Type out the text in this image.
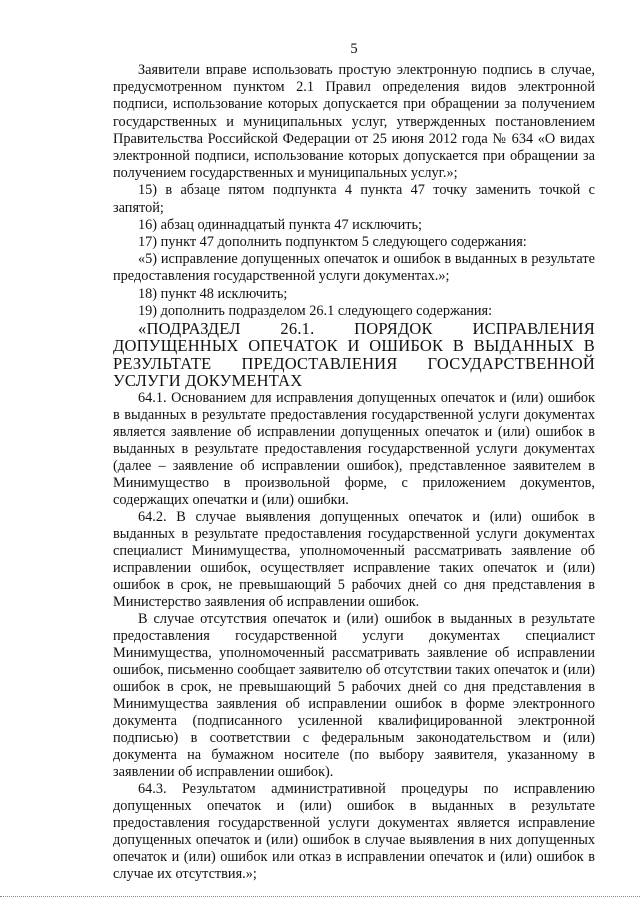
5

Заявители вправе использовать простую электронную подпись в случае, предусмотренном пунктом 2.1 Правил определения видов электронной подписи, использование которых допускается при обращении за получением государственных и муниципальных услуг, утвержденных постановлением Правительства Российской Федерации от 25 июня 2012 года № 634 «О видах электронной подписи, использование которых допускается при обращении за получением государственных и муниципальных услуг.»;

15) в абзаце пятом подпункта 4 пункта 47 точку заменить точкой с запятой;

16) абзац одиннадцатый пункта 47 исключить;

17) пункт 47 дополнить подпунктом 5 следующего содержания:

«5) исправление допущенных опечаток и ошибок в выданных в результате предоставления государственной услуги документах.»;

18) пункт 48 исключить;

19) дополнить подразделом 26.1 следующего содержания:

«ПОДРАЗДЕЛ 26.1. ПОРЯДОК ИСПРАВЛЕНИЯ ДОПУЩЕННЫХ ОПЕЧАТОК И ОШИБОК В ВЫДАННЫХ В РЕЗУЛЬТАТЕ ПРЕДОСТАВЛЕНИЯ ГОСУДАРСТВЕННОЙ УСЛУГИ ДОКУМЕНТАХ

64.1. Основанием для исправления допущенных опечаток и (или) ошибок в выданных в результате предоставления государственной услуги документах является заявление об исправлении допущенных опечаток и (или) ошибок в выданных в результате предоставления государственной услуги документах (далее – заявление об исправлении ошибок), представленное заявителем в Минимущество в произвольной форме, с приложением документов, содержащих опечатки и (или) ошибки.

64.2. В случае выявления допущенных опечаток и (или) ошибок в выданных в результате предоставления государственной услуги документах специалист Минимущества, уполномоченный рассматривать заявление об исправлении ошибок, осуществляет исправление таких опечаток и (или) ошибок в срок, не превышающий 5 рабочих дней со дня представления в Министерство заявления об исправлении ошибок.

В случае отсутствия опечаток и (или) ошибок в выданных в результате предоставления государственной услуги документах специалист Минимущества, уполномоченный рассматривать заявление об исправлении ошибок, письменно сообщает заявителю об отсутствии таких опечаток и (или) ошибок в срок, не превышающий 5 рабочих дней со дня представления в Минимущества заявления об исправлении ошибок в форме электронного документа (подписанного усиленной квалифицированной электронной подписью) в соответствии с федеральным законодательством и (или) документа на бумажном носителе (по выбору заявителя, указанному в заявлении об исправлении ошибок).

64.3. Результатом административной процедуры по исправлению допущенных опечаток и (или) ошибок в выданных в результате предоставления государственной услуги документах является исправление допущенных опечаток и (или) ошибок в случае выявления в них допущенных опечаток и (или) ошибок или отказ в исправлении опечаток и (или) ошибок в случае их отсутствия.»;
